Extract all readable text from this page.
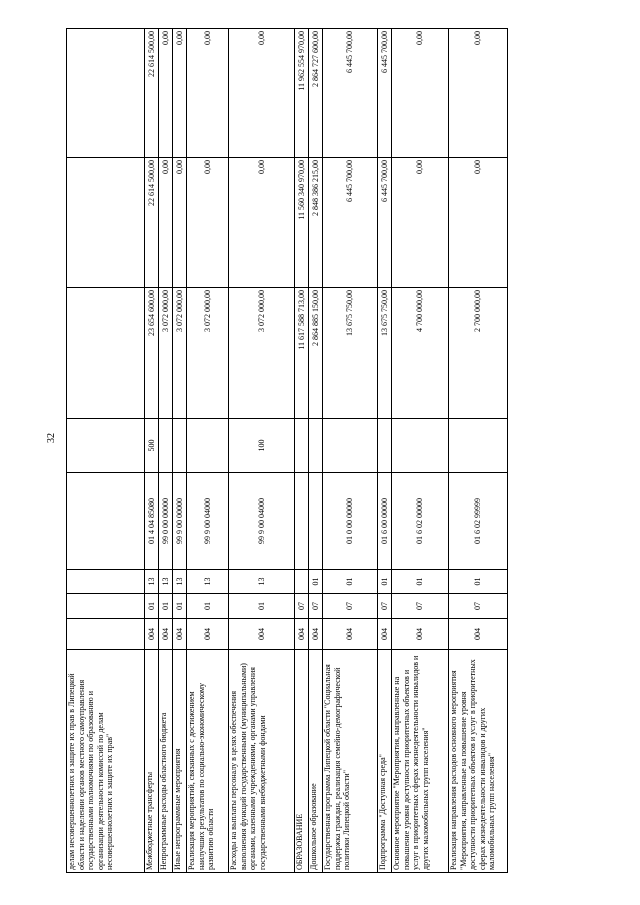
32
делам несовершеннолетних и защите их прав в Липецкой области и наделении органов местного самоуправления государственными полномочиями по образованию и организации деятельности комиссий по делам несовершеннолетних и защите их прав"								
Межбюджетные трансферты	004	01	13	01 4 04 85080	500	23 654 600,00	22 614 500,00	22 614 500,00
Непрограммные расходы областного бюджета	004	01	13	99 0 00 00000		3 072 000,00	0,00	0,00
Иные непрограммные мероприятия	004	01	13	99 9 00 00000		3 072 000,00	0,00	0,00
Реализация мероприятий, связанных с достижением наилучших результатов по социально-экономическому развитию области	004	01	13	99 9 00 04000		3 072 000,00	0,00	0,00
Расходы на выплаты персоналу в целях обеспечения выполнения функций государственными (муниципальными) органами, казенными учреждениями, органами управления государственными внебюджетными фондами	004	01	13	99 9 00 04000	100	3 072 000,00	0,00	0,00
ОБРАЗОВАНИЕ	004	07				11 617 588 713,00	11 560 340 970,00	11 962 554 970,00
Дошкольное образование	004	07	01			2 864 885 150,00	2 848 386 215,00	2 864 727 600,00
Государственная программа Липецкой области "Социальная поддержка граждан, реализация семейно-демографической политики Липецкой области"	004	07	01	01 0 00 00000		13 675 750,00	6 445 700,00	6 445 700,00
Подпрограмма "Доступная среда"	004	07	01	01 6 00 00000		13 675 750,00	6 445 700,00	6 445 700,00
Основное мероприятие "Мероприятия, направленные на повышение уровня доступности приоритетных объектов и услуг в приоритетных сферах жизнедеятельности инвалидов и других маломобильных групп населения"	004	07	01	01 6 02 00000		4 700 000,00	0,00	0,00
Реализация направления расходов основного мероприятия "Мероприятия, направленные на повышение уровня доступности приоритетных объектов и услуг в приоритетных сферах жизнедеятельности инвалидов и других маломобильных групп населения"	004	07	01	01 6 02 99999		2 700 000,00	0,00	0,00
